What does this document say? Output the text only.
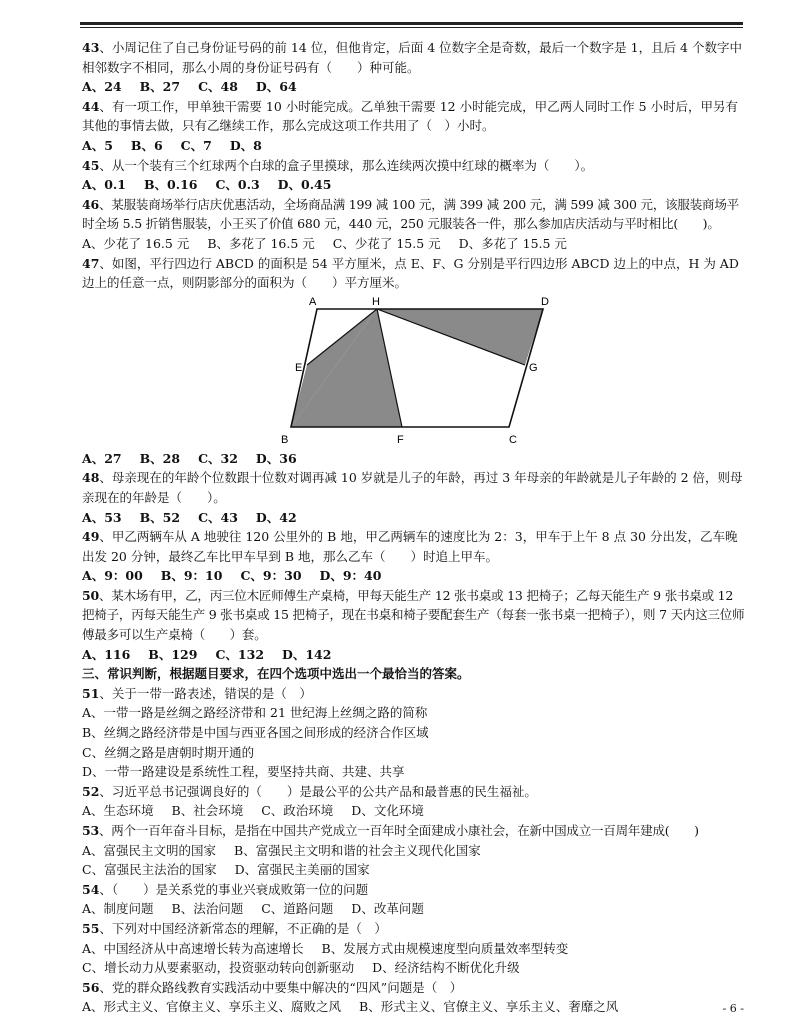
43、小周记住了自己身份证号码的前 14 位，但他肯定，后面 4 位数字全是奇数，最后一个数字是 1，且后 4 个数字中相邻数字不相同，那么小周的身份证号码有（　　）种可能。

A、24 B、27 C、48 D、64

44、有一项工作，甲单独干需要 10 小时能完成。乙单独干需要 12 小时能完成，甲乙两人同时工作 5 小时后，甲另有其他的事情去做，只有乙继续工作，那么完成这项工作共用了（　）小时。

A、5 B、6 C、7 D、8

45、从一个装有三个红球两个白球的盒子里摸球，那么连续两次摸中红球的概率为（　　）。

A、0.1 B、0.16 C、0.3 D、0.45

46、某服装商场举行店庆优惠活动，全场商品满 199 减 100 元，满 399 减 200 元，满 599 减 300 元，该服装商场平时全场 5.5 折销售服装，小王买了价值 680 元，440 元，250 元服装各一件，那么参加店庆活动与平时相比(　　)。

A、少花了 16.5 元 B、多花了 16.5 元 C、少花了 15.5 元 D、多花了 15.5 元

47、如图，平行四边行 ABCD 的面积是 54 平方厘米，点 E、F、G 分别是平行四边形 ABCD 边上的中点，H 为 AD 边上的任意一点，则阴影部分的面积为（　　）平方厘米。

A	H	D
E	G
B	F	C

A、27 B、28 C、32 D、36

48、母亲现在的年龄个位数跟十位数对调再减 10 岁就是儿子的年龄，再过 3 年母亲的年龄就是儿子年龄的 2 倍，则母亲现在的年龄是（　　）。

A、53 B、52 C、43 D、42

49、甲乙两辆车从 A 地驶往 120 公里外的 B 地，甲乙两辆车的速度比为 2：3，甲车于上午 8 点 30 分出发，乙车晚出发 20 分钟，最终乙车比甲车早到 B 地，那么乙车（　　）时追上甲车。

A、9：00 B、9：10 C、9：30 D、9：40

50、某木场有甲，乙，丙三位木匠师傅生产桌椅，甲每天能生产 12 张书桌或 13 把椅子；乙每天能生产 9 张书桌或 12 把椅子，丙每天能生产 9 张书桌或 15 把椅子，现在书桌和椅子要配套生产（每套一张书桌一把椅子），则 7 天内这三位师傅最多可以生产桌椅（　　）套。

A、116 B、129 C、132 D、142

三、常识判断，根据题目要求，在四个选项中选出一个最恰当的答案。

51、关于一带一路表述，错误的是（　）

A、一带一路是丝绸之路经济带和 21 世纪海上丝绸之路的简称

B、丝绸之路经济带是中国与西亚各国之间形成的经济合作区域

C、丝绸之路是唐朝时期开通的

D、一带一路建设是系统性工程，要坚持共商、共建、共享

52、习近平总书记强调良好的（　　）是最公平的公共产品和最普惠的民生福祉。

A、生态环境 B、社会环境 C、政治环境 D、文化环境

53、两个一百年奋斗目标，是指在中国共产党成立一百年时全面建成小康社会，在新中国成立一百周年建成(　　)

A、富强民主文明的国家 B、富强民主文明和谐的社会主义现代化国家

C、富强民主法治的国家 D、富强民主美丽的国家

54、（　　）是关系党的事业兴衰成败第一位的问题

A、制度问题 B、法治问题 C、道路问题 D、改革问题

55、下列对中国经济新常态的理解，不正确的是（　）

A、中国经济从中高速增长转为高速增长 B、发展方式由规模速度型向质量效率型转变

C、增长动力从要素驱动，投资驱动转向创新驱动 D、经济结构不断优化升级

56、党的群众路线教育实践活动中要集中解决的“四风”问题是（　）

A、形式主义、官僚主义、享乐主义、腐败之风 B、形式主义、官僚主义、享乐主义、奢靡之风	- 6 -
